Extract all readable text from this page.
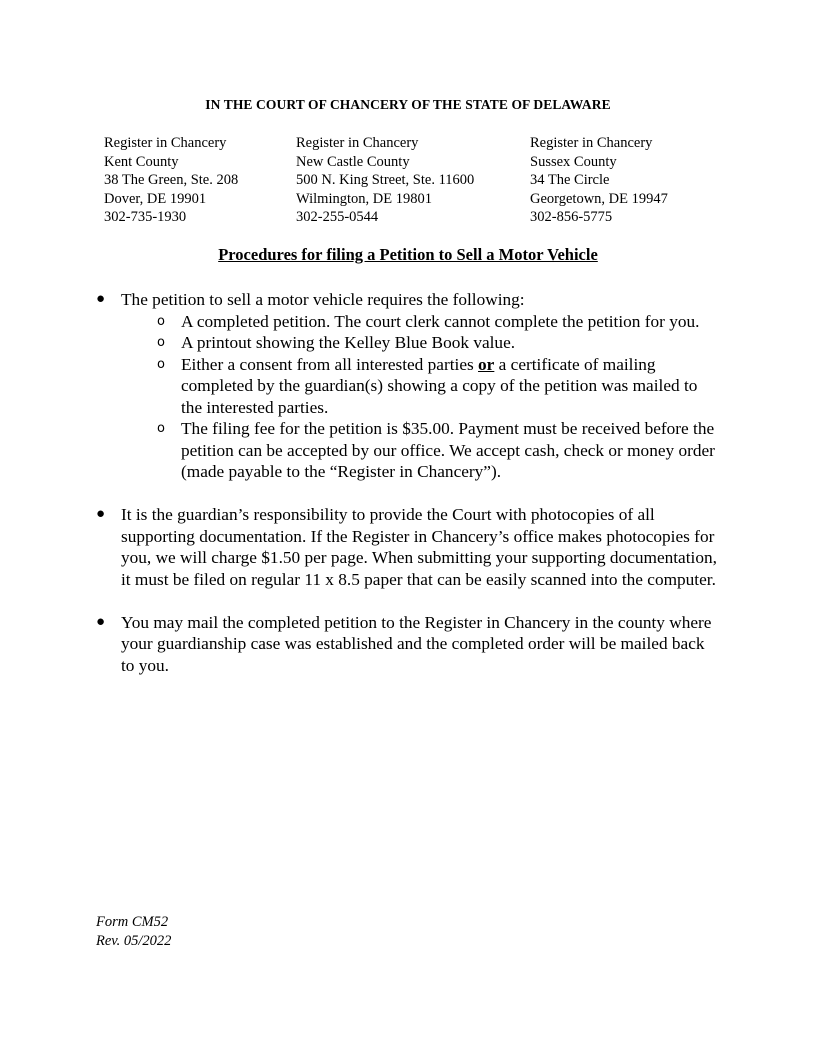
IN THE COURT OF CHANCERY OF THE STATE OF DELAWARE
Register in Chancery
Kent County
38 The Green, Ste. 208
Dover, DE 19901
302-735-1930
Register in Chancery
New Castle County
500 N. King Street, Ste. 11600
Wilmington, DE 19801
302-255-0544
Register in Chancery
Sussex County
34 The Circle
Georgetown, DE 19947
302-856-5775
Procedures for filing a Petition to Sell a Motor Vehicle
● The petition to sell a motor vehicle requires the following:
o A completed petition. The court clerk cannot complete the petition for you.
o A printout showing the Kelley Blue Book value.
o Either a consent from all interested parties or a certificate of mailing completed by the guardian(s) showing a copy of the petition was mailed to the interested parties.
o The filing fee for the petition is $35.00. Payment must be received before the petition can be accepted by our office. We accept cash, check or money order (made payable to the “Register in Chancery”).
● It is the guardian’s responsibility to provide the Court with photocopies of all supporting documentation. If the Register in Chancery’s office makes photocopies for you, we will charge $1.50 per page. When submitting your supporting documentation, it must be filed on regular 11 x 8.5 paper that can be easily scanned into the computer.
● You may mail the completed petition to the Register in Chancery in the county where your guardianship case was established and the completed order will be mailed back to you.
Form CM52
Rev. 05/2022
